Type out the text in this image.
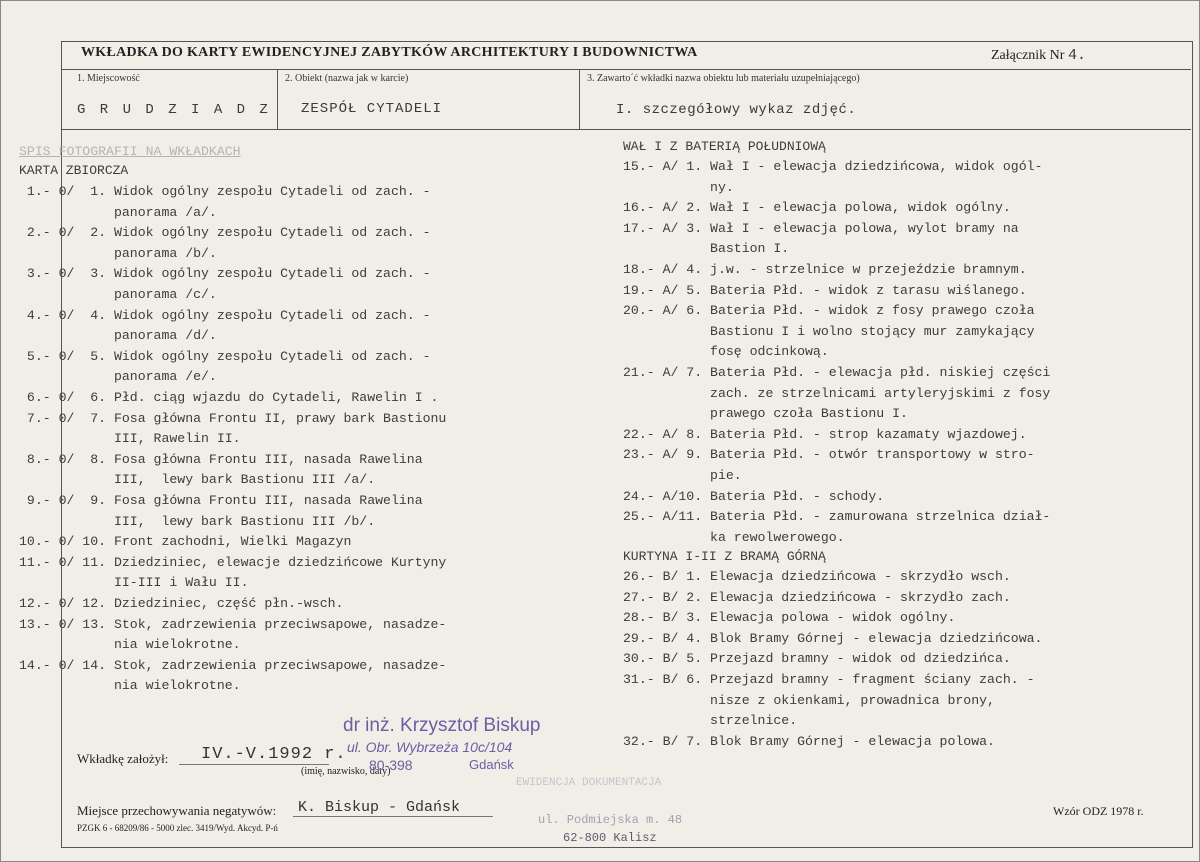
WKŁADKA DO KARTY EWIDENCYJNEJ ZABYTKÓW ARCHITEKTURY I BUDOWNICTWA	Załącznik Nr 4.
1. Miejscowość
G R U D Z I A D Z
2. Obiekt (nazwa jak w karcie)
ZESPÓŁ CYTADELI
3. Zawarto´ć wkładki nazwa obiektu lub materiału uzupełniającego)
I. szczegółowy wykaz zdjęć.
SPIS FOTOGRAFII NA WKŁADKACH
KARTA ZBIORCZA
1.- 0/  1. Widok ogólny zespołu Cytadeli od zach. -
panorama /a/.
2.- 0/  2. Widok ogólny zespołu Cytadeli od zach. -
panorama /b/.
3.- 0/  3. Widok ogólny zespołu Cytadeli od zach. -
panorama /c/.
4.- 0/  4. Widok ogólny zespołu Cytadeli od zach. -
panorama /d/.
5.- 0/  5. Widok ogólny zespołu Cytadeli od zach. -
panorama /e/.
6.- 0/  6. Płd. ciąg wjazdu do Cytadeli, Rawelin I .
7.- 0/  7. Fosa główna Frontu II, prawy bark Bastionu
III, Rawelin II.
8.- 0/  8. Fosa główna Frontu III, nasada Rawelina
III,  lewy bark Bastionu III /a/.
9.- 0/  9. Fosa główna Frontu III, nasada Rawelina
III,  lewy bark Bastionu III /b/.
10.- 0/ 10. Front zachodni, Wielki Magazyn
11.- 0/ 11. Dziedziniec, elewacje dziedzińcowe Kurtyny
II-III i Wału II.
12.- 0/ 12. Dziedziniec, część płn.-wsch.
13.- 0/ 13. Stok, zadrzewienia przeciwsapowe, nasadze-
nia wielokrotne.
14.- 0/ 14. Stok, zadrzewienia przeciwsapowe, nasadze-
nia wielokrotne.
WAŁ I Z BATERIĄ POŁUDNIOWĄ
15.- A/ 1. Wał I - elewacja dziedzińcowa, widok ogól-
ny.
16.- A/ 2. Wał I - elewacja polowa, widok ogólny.
17.- A/ 3. Wał I - elewacja polowa, wylot bramy na
Bastion I.
18.- A/ 4. j.w. - strzelnice w przejeździe bramnym.
19.- A/ 5. Bateria Płd. - widok z tarasu wiślanego.
20.- A/ 6. Bateria Płd. - widok z fosy prawego czoła
Bastionu I i wolno stojący mur zamykający
fosę odcinkową.
21.- A/ 7. Bateria Płd. - elewacja płd. niskiej części
zach. ze strzelnicami artyleryjskimi z fosy
prawego czoła Bastionu I.
22.- A/ 8. Bateria Płd. - strop kazamaty wjazdowej.
23.- A/ 9. Bateria Płd. - otwór transportowy w stro-
pie.
24.- A/10. Bateria Płd. - schody.
25.- A/11. Bateria Płd. - zamurowana strzelnica dział-
ka rewolwerowego.
KURTYNA I-II Z BRAMĄ GÓRNĄ
26.- B/ 1. Elewacja dziedzińcowa - skrzydło wsch.
27.- B/ 2. Elewacja dziedzińcowa - skrzydło zach.
28.- B/ 3. Elewacja polowa - widok ogólny.
29.- B/ 4. Blok Bramy Górnej - elewacja dziedzińcowa.
30.- B/ 5. Przejazd bramny - widok od dziedzińca.
31.- B/ 6. Przejazd bramny - fragment ściany zach. -
nisze z okienkami, prowadnica brony,
strzelnice.
32.- B/ 7. Blok Bramy Górnej - elewacja polowa.
Wkładkę założył: IV.-V.1992 r.
(imię, nazwisko, daty)
dr inż. Krzysztof Biskup
ul. Obr. Wybrzeża 10c/104
80-398	Gdańsk
EWIDENCJA DOKUMENTACJA
ul. Podmiejska m. 48
62-800 Kalisz
Miejsce przechowywania negatywów: K. Biskup - Gdańsk
PZGK 6 - 68209/86 - 5000 zlec. 3419/Wyd. Akcyd. P-ń
Wzór ODZ 1978 r.
